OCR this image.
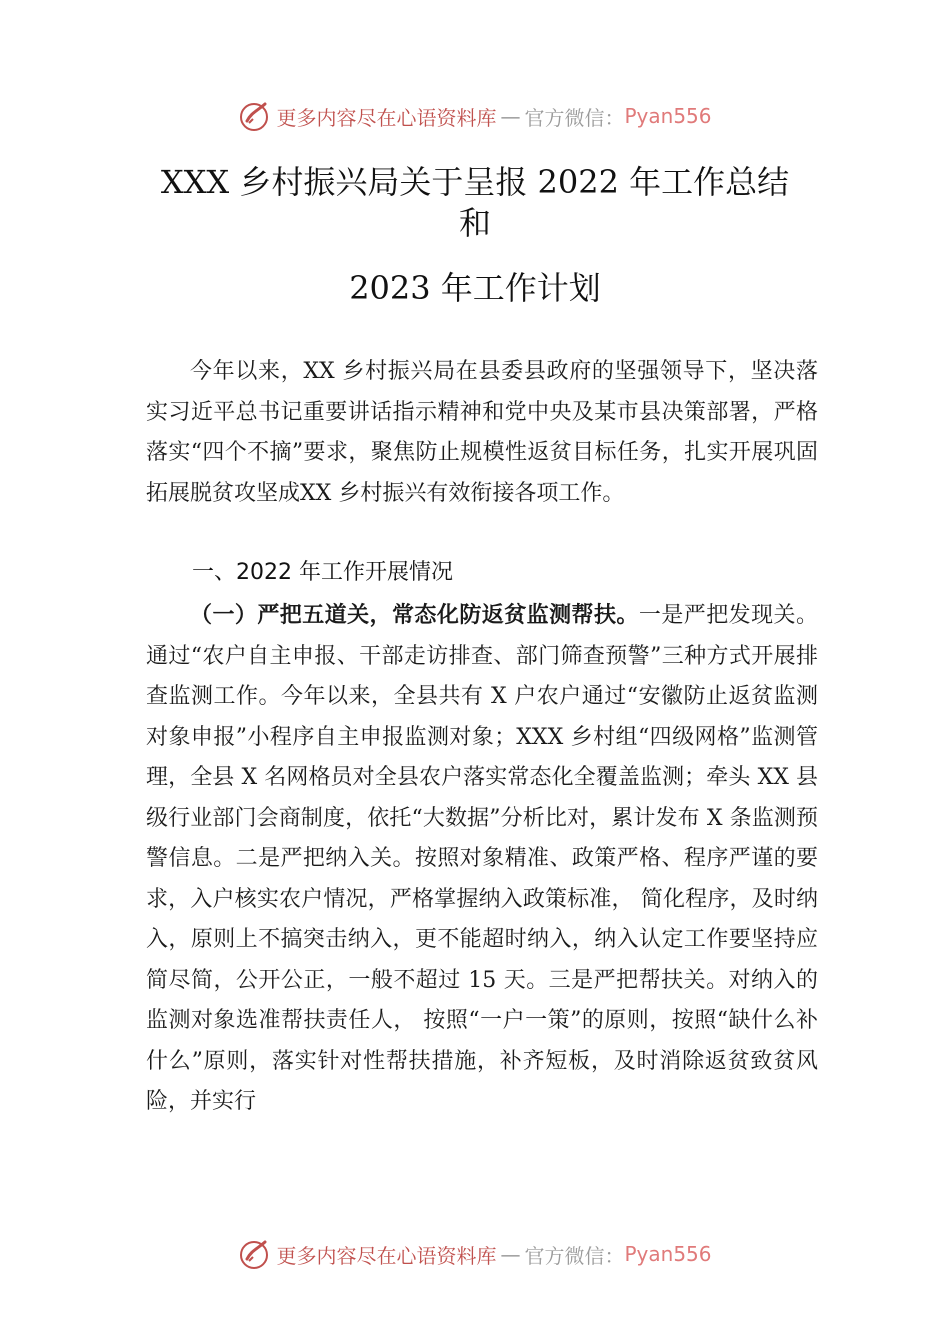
更多内容尽在心语资料库 — 官方微信： Pyan556
XXX 乡村振兴局关于呈报 2022 年工作总结
和
2023 年工作计划

今年以来，XX 乡村振兴局在县委县政府的坚强领导下，坚决落实习近平总书记重要讲话指示精神和党中央及某市县决策部署，严格落实“四个不摘”要求，聚焦防止规模性返贫目标任务，扎实开展巩固拓展脱贫攻坚成XX 乡村振兴有效衔接各项工作。

一、2022 年工作开展情况

（一）严把五道关，常态化防返贫监测帮扶。一是严把发现关。通过“农户自主申报、干部走访排查、部门筛查预警”三种方式开展排查监测工作。今年以来，全县共有 X 户农户通过“安徽防止返贫监测对象申报”小程序自主申报监测对象；XXX 乡村组“四级网格”监测管理，全县 X 名网格员对全县农户落实常态化全覆盖监测；牵头 XX 县级行业部门会商制度，依托“大数据”分析比对，累计发布 X 条监测预警信息。二是严把纳入关。按照对象精准、政策严格、程序严谨的要求，入户核实农户情况，严格掌握纳入政策标准， 简化程序，及时纳入，原则上不搞突击纳入，更不能超时纳入，纳入认定工作要坚持应简尽简，公开公正，一般不超过 15 天。三是严把帮扶关。对纳入的监测对象选准帮扶责任人， 按照“一户一策”的原则，按照“缺什么补什么”原则，落实针对性帮扶措施，补齐短板，及时消除返贫致贫风险，并实行

更多内容尽在心语资料库 — 官方微信： Pyan556
